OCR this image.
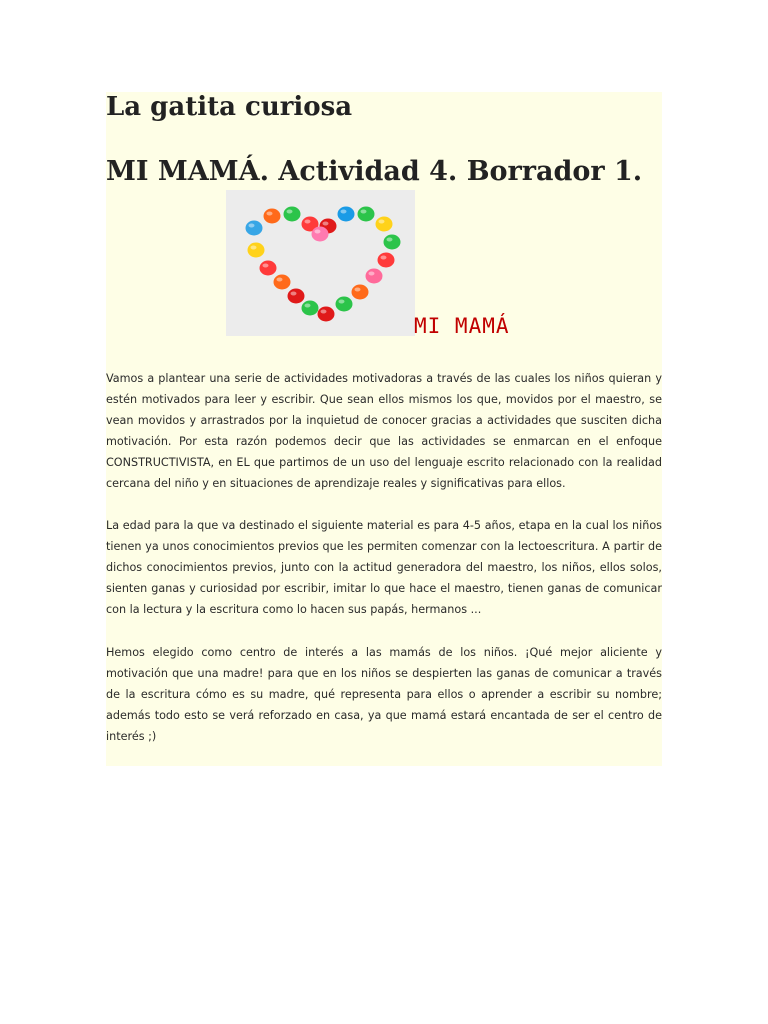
La gatita curiosa
MI MAMÁ. Actividad 4. Borrador 1.
MI MAMÁ

Vamos a plantear una serie de actividades motivadoras a través de las cuales los niños quieran y estén motivados para leer y escribir. Que sean ellos mismos los que, movidos por el maestro, se vean movidos y arrastrados por la inquietud de conocer gracias a actividades que susciten dicha motivación. Por esta razón podemos decir que las actividades se enmarcan en el enfoque CONSTRUCTIVISTA, en EL que partimos de un uso del lenguaje escrito relacionado con la realidad cercana del niño y en situaciones de aprendizaje reales y significativas para ellos.

La edad para la que va destinado el siguiente material es para 4-5 años, etapa en la cual los niños tienen ya unos conocimientos previos que les permiten comenzar con la lectoescritura. A partir de dichos conocimientos previos, junto con la actitud generadora del maestro, los niños, ellos solos, sienten ganas y curiosidad por escribir, imitar lo que hace el maestro, tienen ganas de comunicar con la lectura y la escritura como lo hacen sus papás, hermanos ...

Hemos elegido como centro de interés a las mamás de los niños. ¡Qué mejor aliciente y motivación que una madre! para que en los niños se despierten las ganas de comunicar a través de la escritura cómo es su madre, qué representa para ellos o aprender a escribir su nombre; además todo esto se verá reforzado en casa, ya que mamá estará encantada de ser el centro de interés ;)
